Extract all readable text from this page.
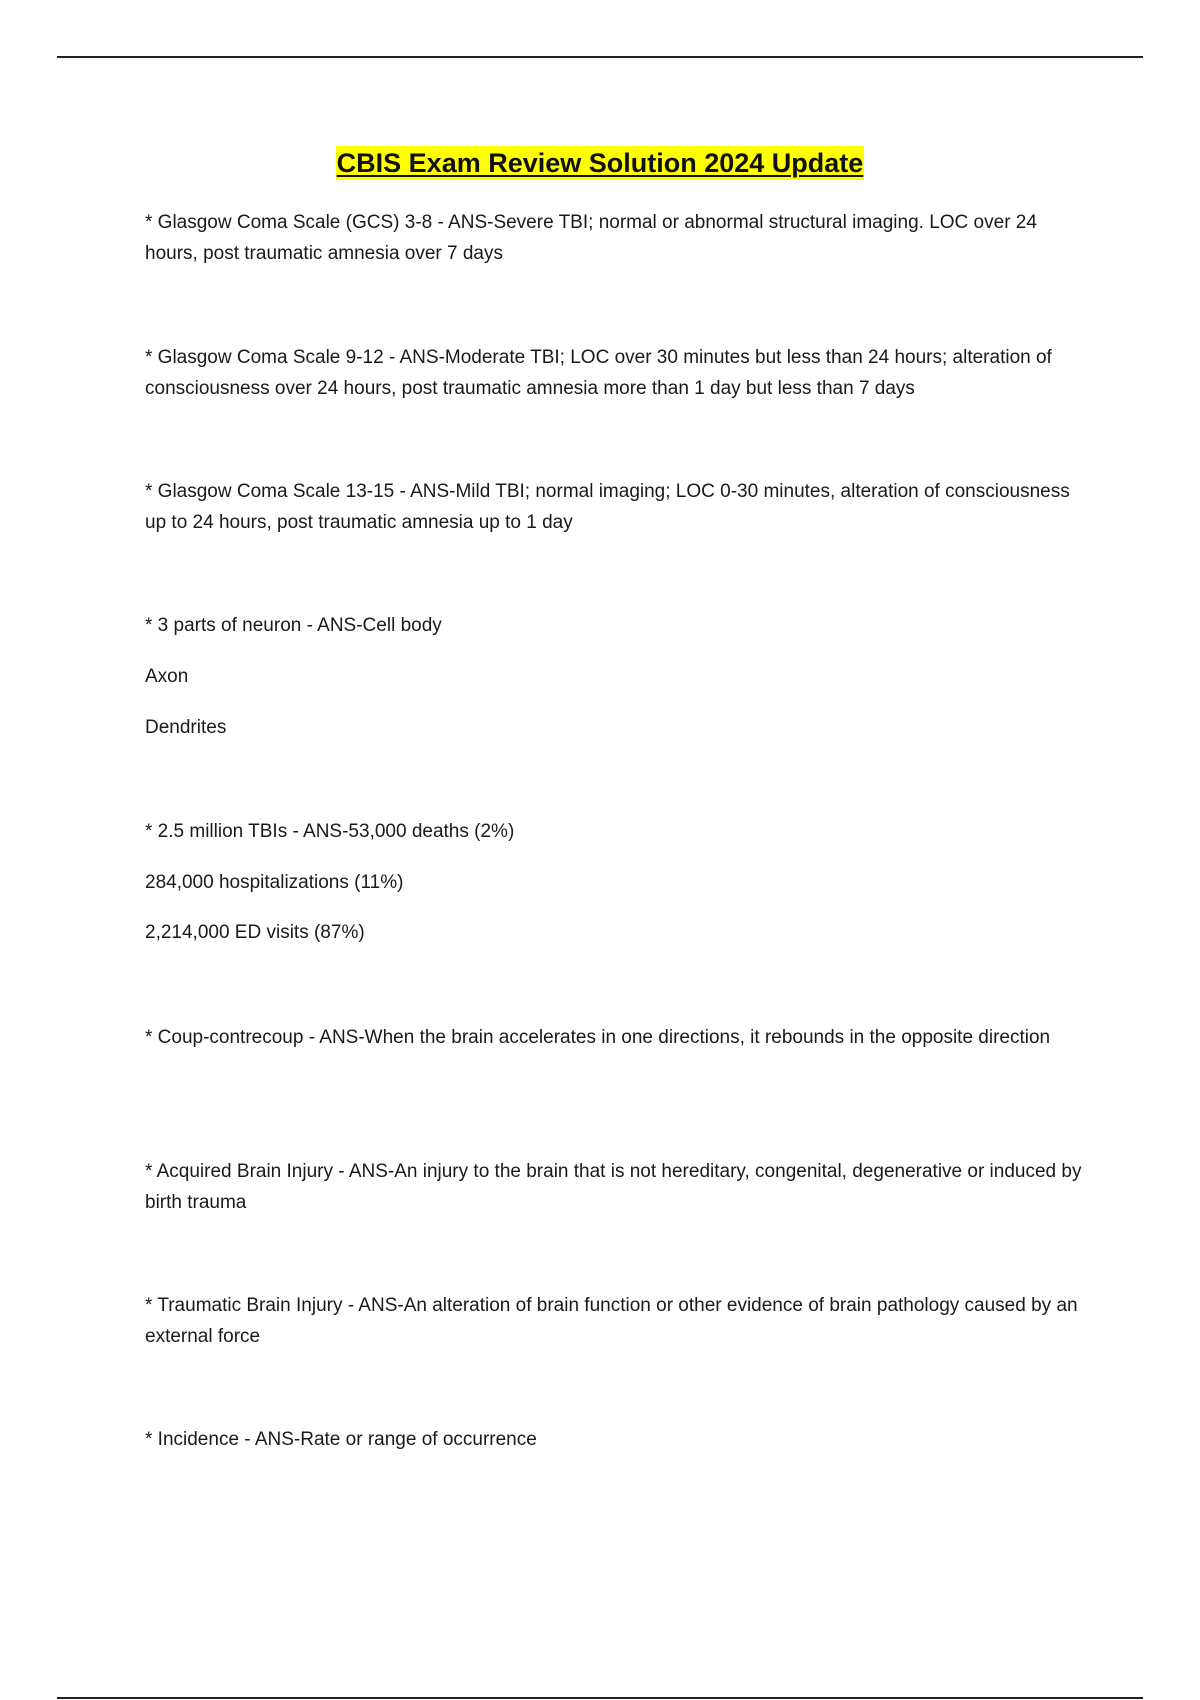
CBIS Exam Review Solution 2024 Update

* Glasgow Coma Scale (GCS) 3-8 - ANS-Severe TBI; normal or abnormal structural imaging. LOC over 24 hours, post traumatic amnesia over 7 days

* Glasgow Coma Scale 9-12 - ANS-Moderate TBI; LOC over 30 minutes but less than 24 hours; alteration of consciousness over 24 hours, post traumatic amnesia more than 1 day but less than 7 days

* Glasgow Coma Scale 13-15 - ANS-Mild TBI; normal imaging; LOC 0-30 minutes, alteration of consciousness up to 24 hours, post traumatic amnesia up to 1 day

* 3 parts of neuron - ANS-Cell body

Axon

Dendrites

* 2.5 million TBIs - ANS-53,000 deaths (2%)

284,000 hospitalizations (11%)

2,214,000 ED visits (87%)

* Coup-contrecoup - ANS-When the brain accelerates in one directions, it rebounds in the opposite direction

* Acquired Brain Injury - ANS-An injury to the brain that is not hereditary, congenital, degenerative or induced by birth trauma

* Traumatic Brain Injury - ANS-An alteration of brain function or other evidence of brain pathology caused by an external force

* Incidence - ANS-Rate or range of occurrence
